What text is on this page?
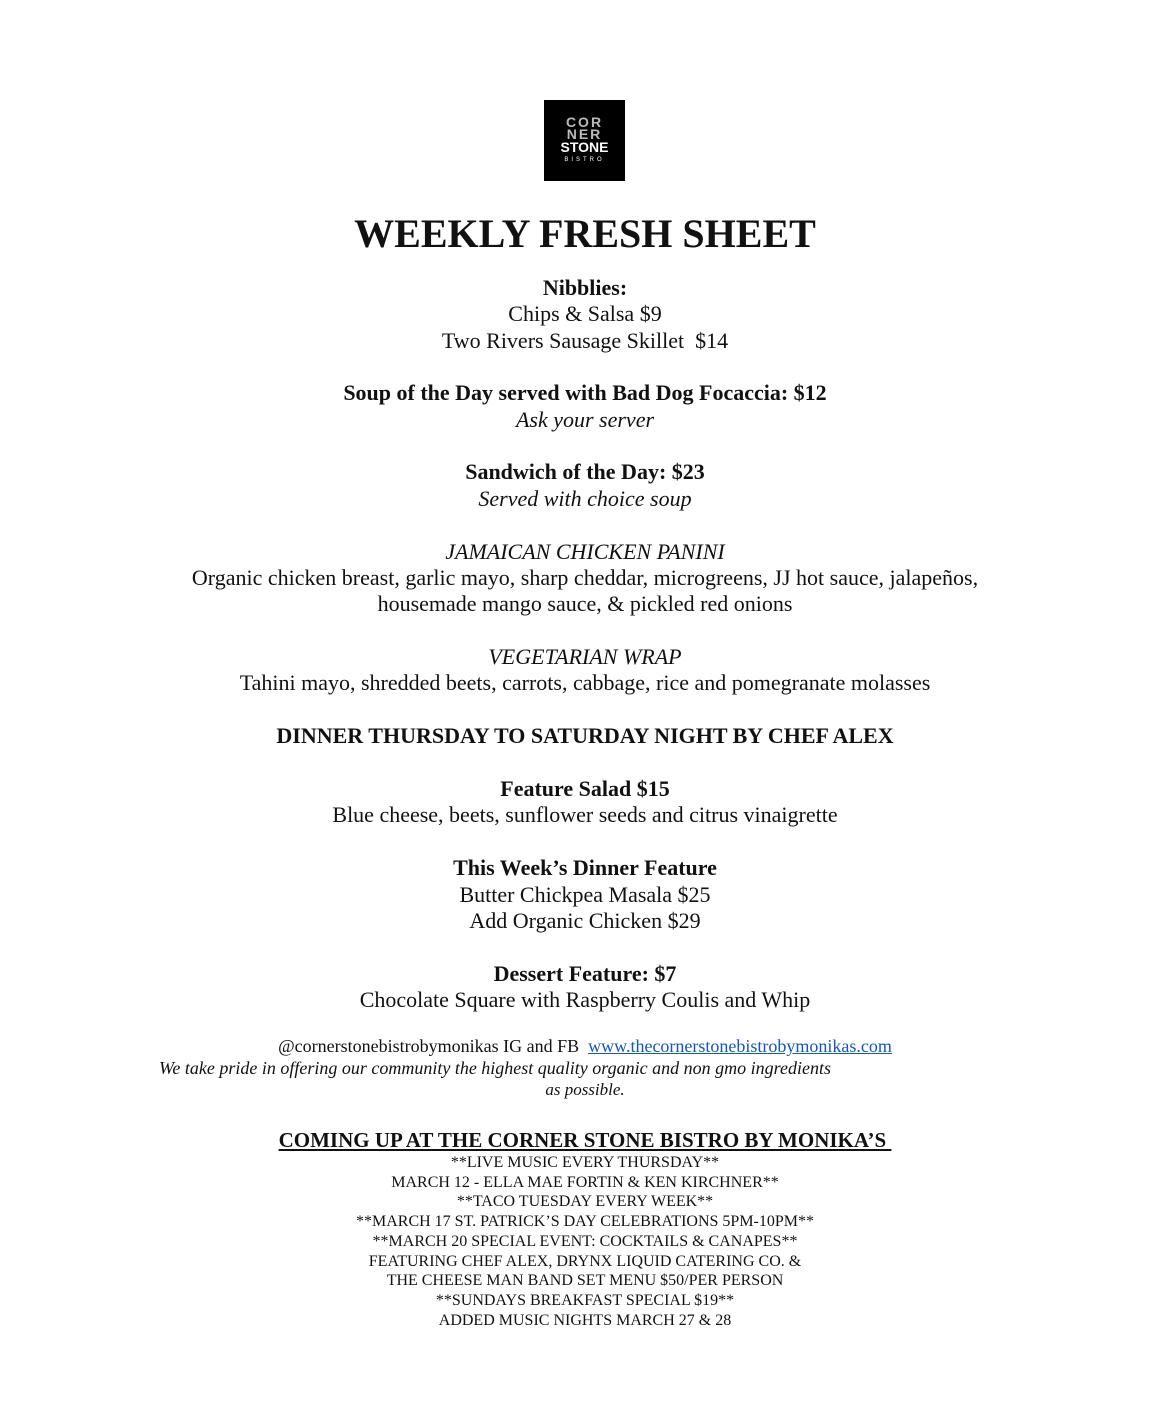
COR
NER
STONE
BISTRO
WEEKLY FRESH SHEET
Nibblies:
Chips & Salsa $9
Two Rivers Sausage Skillet  $14
Soup of the Day served with Bad Dog Focaccia: $12
Ask your server
Sandwich of the Day: $23
Served with choice soup
JAMAICAN CHICKEN PANINI
Organic chicken breast, garlic mayo, sharp cheddar, microgreens, JJ hot sauce, jalapeños,
housemade mango sauce, & pickled red onions
VEGETARIAN WRAP
Tahini mayo, shredded beets, carrots, cabbage, rice and pomegranate molasses
DINNER THURSDAY TO SATURDAY NIGHT BY CHEF ALEX
Feature Salad $15
Blue cheese, beets, sunflower seeds and citrus vinaigrette
This Week’s Dinner Feature
Butter Chickpea Masala $25
Add Organic Chicken $29
Dessert Feature: $7
Chocolate Square with Raspberry Coulis and Whip
@cornerstonebistrobymonikas IG and FB www.thecornerstonebistrobymonikas.com
We take pride in offering our community the highest quality organic and non gmo ingredients
as possible.
COMING UP AT THE CORNER STONE BISTRO BY MONIKA’S
**LIVE MUSIC EVERY THURSDAY**
MARCH 12 - ELLA MAE FORTIN & KEN KIRCHNER**
**TACO TUESDAY EVERY WEEK**
**MARCH 17 ST. PATRICK’S DAY CELEBRATIONS 5PM-10PM**
**MARCH 20 SPECIAL EVENT: COCKTAILS & CANAPES**
FEATURING CHEF ALEX, DRYNX LIQUID CATERING CO. &
THE CHEESE MAN BAND SET MENU $50/PER PERSON
**SUNDAYS BREAKFAST SPECIAL $19**
ADDED MUSIC NIGHTS MARCH 27 & 28
